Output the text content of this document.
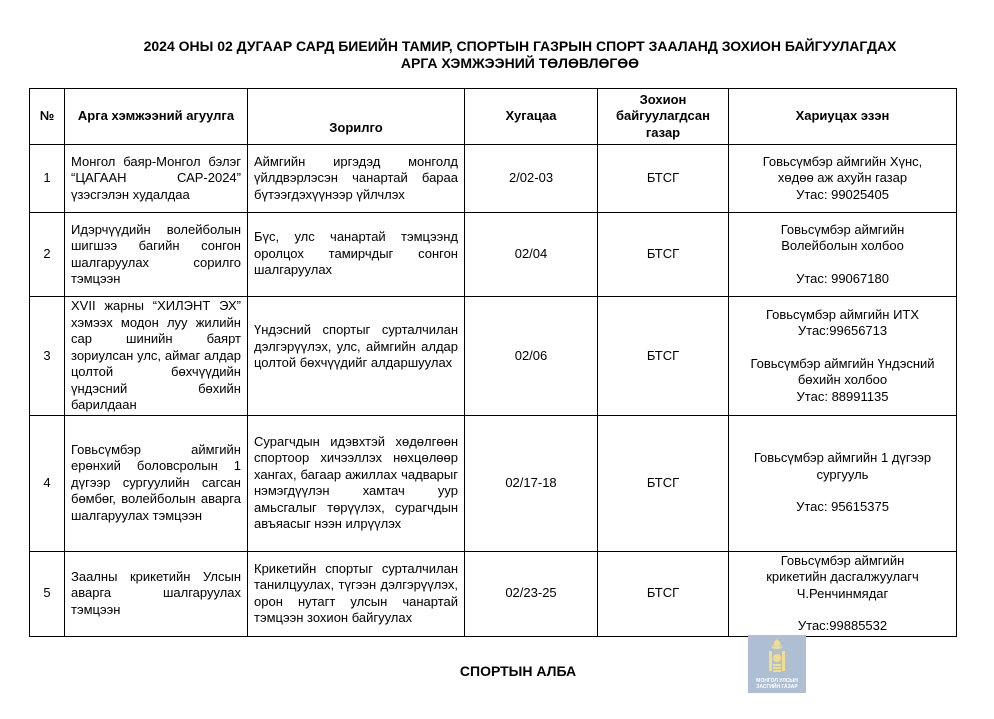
2024 ОНЫ 02 ДУГААР САРД БИЕИЙН ТАМИР, СПОРТЫН ГАЗРЫН СПОРТ ЗААЛАНД ЗОХИОН БАЙГУУЛАГДАХ
АРГА ХЭМЖЭЭНИЙ ТӨЛӨВЛӨГӨӨ
№	Арга хэмжээний агуулга	Зорилго	Хугацаа	Зохион байгуулагдсан газар	Хариуцах эзэн
1	Монгол баяр-Монгол бэлэг “ЦАГААН САР-2024” үзэсгэлэн худалдаа	Аймгийн иргэдэд монголд үйлдвэрлэсэн чанартай бараа бүтээгдэхүүнээр үйлчлэх	2/02-03	БТСГ	Говьсүмбэр аймгийн Хүнс,
хөдөө аж ахуйн газар
Утас: 99025405

2	Идэрчүүдийн волейболын шигшээ багийн сонгон шалгаруулах сорилго тэмцээн	Бүс, улс чанартай тэмцээнд оролцох тамирчдыг сонгон шалгаруулах	02/04	БТСГ	Говьсүмбэр аймгийн
Волейболын холбоо
Утас: 99067180

3	XVII жарны “ХИЛЭНТ ЭХ” хэмээх модон луу жилийн сар шинийн баярт зориулсан улс, аймаг алдар цолтой бөхчүүдийн үндэсний бөхийн барилдаан	Үндэсний спортыг сурталчилан дэлгэрүүлэх, улс, аймгийн алдар цолтой бөхчүүдийг алдаршуулах	02/06	БТСГ	Говьсүмбэр аймгийн ИТХ
Утас:99656713
Говьсүмбэр аймгийн Үндэсний
бөхийн холбоо
Утас: 88991135

4	Говьсүмбэр аймгийн ерөнхий боловсролын 1 дүгээр сургуулийн сагсан бөмбөг, волейболын аварга шалгаруулах тэмцээн	Сурагчдын идэвхтэй хөдөлгөөн спортоор хичээллэх нөхцөлөөр хангах, багаар ажиллах чадварыг нэмэгдүүлэн хамтач уур амьсгалыг төрүүлэх, сурагчдын авъяасыг нээн илрүүлэх	02/17-18	БТСГ	Говьсүмбэр аймгийн 1 дүгээр
сургууль
Утас: 95615375

5	Заалны крикетийн Улсын аварга шалгаруулах тэмцээн	Крикетийн спортыг сурталчилан танилцуулах, түгээн дэлгэрүүлэх, орон нутагт улсын чанартай тэмцээн зохион байгуулах	02/23-25	БТСГ	Говьсүмбэр аймгийн
крикетийн дасгалжуулагч
Ч.Ренчинмядаг
Утас:99885532
СПОРТЫН АЛБА
МОНГОЛ УЛСЫН ЗАСГИЙН ГАЗАР
